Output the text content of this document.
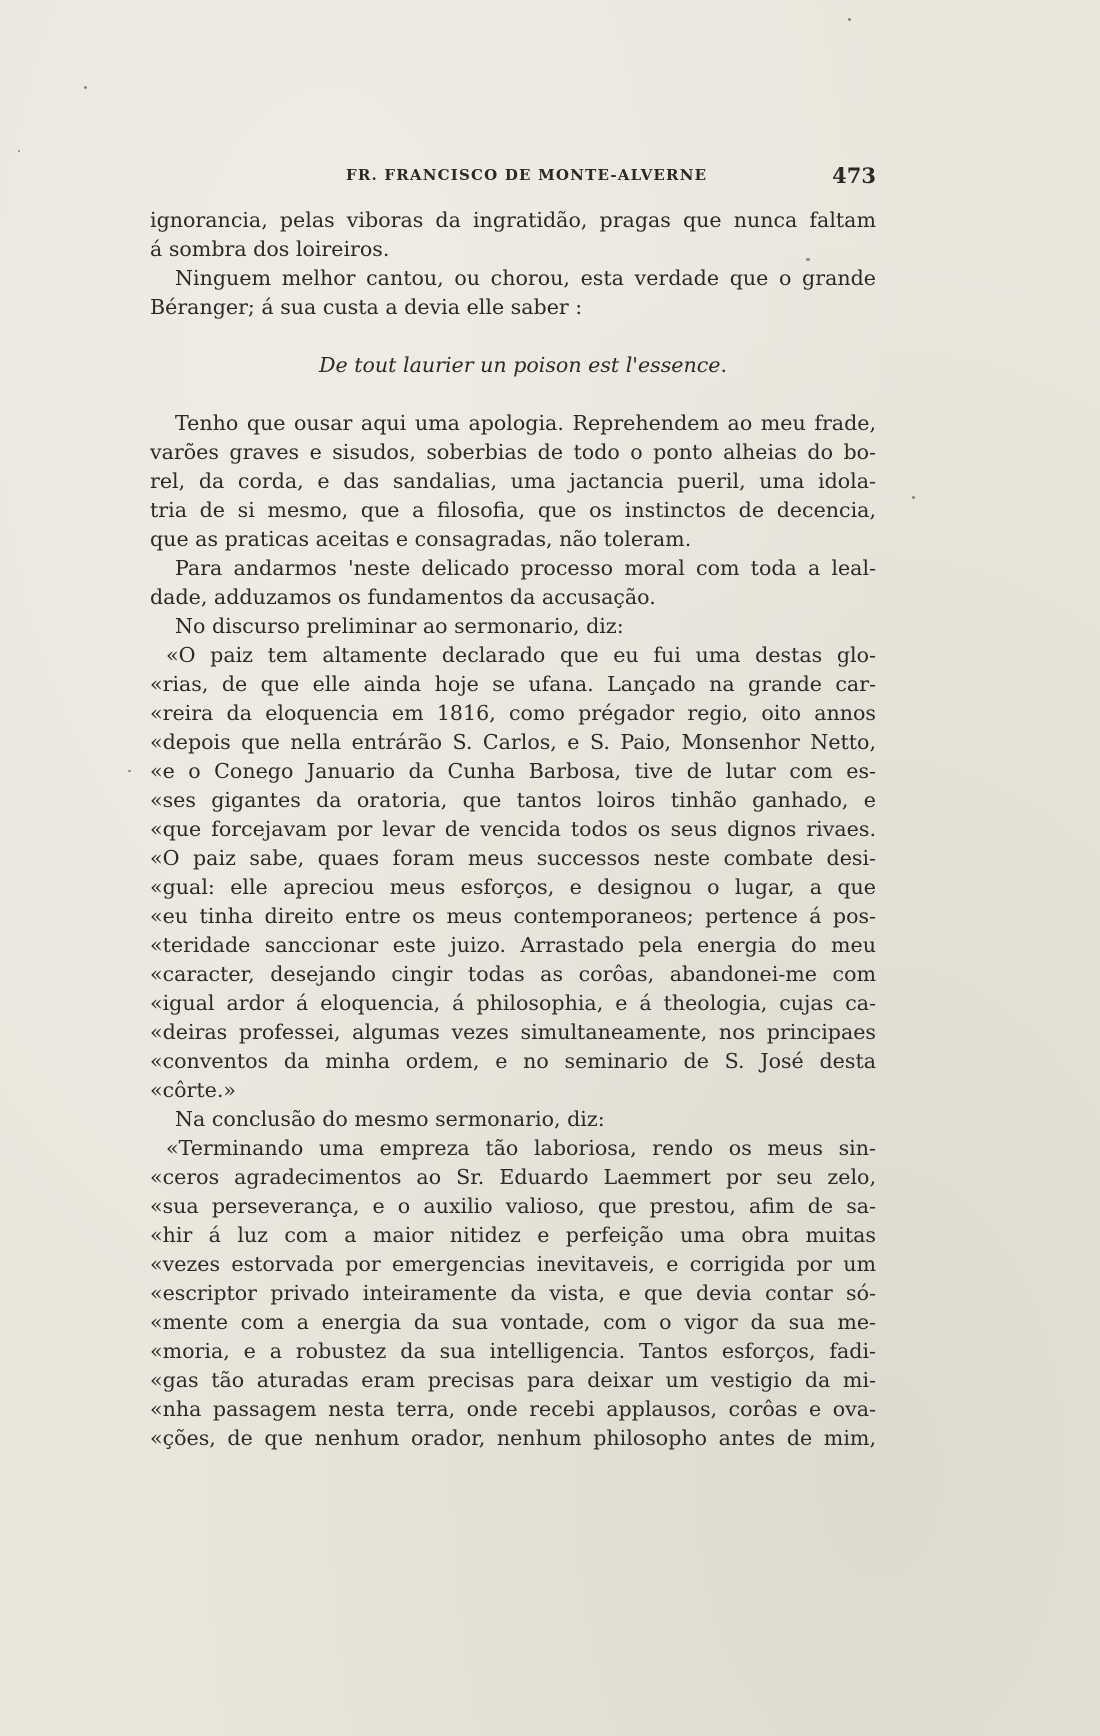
FR. FRANCISCO DE MONTE-ALVERNE	473
ignorancia, pelas viboras da ingratidão, pragas que nunca faltam
á sombra dos loireiros.
Ninguem melhor cantou, ou chorou, esta verdade que o grande
Béranger; á sua custa a devia elle saber :
De tout laurier un poison est l'essence.
Tenho que ousar aqui uma apologia. Reprehendem ao meu frade,
varões graves e sisudos, soberbias de todo o ponto alheias do bo-
rel, da corda, e das sandalias, uma jactancia pueril, uma idola-
tria de si mesmo, que a filosofia, que os instinctos de decencia,
que as praticas aceitas e consagradas, não toleram.
Para andarmos 'neste delicado processo moral com toda a leal-
dade, adduzamos os fundamentos da accusação.
No discurso preliminar ao sermonario, diz:
«O paiz tem altamente declarado que eu fui uma destas glo-
«rias, de que elle ainda hoje se ufana. Lançado na grande car-
«reira da eloquencia em 1816, como prégador regio, oito annos
«depois que nella entrárão S. Carlos, e S. Paio, Monsenhor Netto,
«e o Conego Januario da Cunha Barbosa, tive de lutar com es-
«ses gigantes da oratoria, que tantos loiros tinhão ganhado, e
«que forcejavam por levar de vencida todos os seus dignos rivaes.
«O paiz sabe, quaes foram meus successos neste combate desi-
«gual: elle apreciou meus esforços, e designou o lugar, a que
«eu tinha direito entre os meus contemporaneos; pertence á pos-
«teridade sanccionar este juizo. Arrastado pela energia do meu
«caracter, desejando cingir todas as corôas, abandonei-me com
«igual ardor á eloquencia, á philosophia, e á theologia, cujas ca-
«deiras professei, algumas vezes simultaneamente, nos principaes
«conventos da minha ordem, e no seminario de S. José desta
«côrte.»
Na conclusão do mesmo sermonario, diz:
«Terminando uma empreza tão laboriosa, rendo os meus sin-
«ceros agradecimentos ao Sr. Eduardo Laemmert por seu zelo,
«sua perseverança, e o auxilio valioso, que prestou, afim de sa-
«hir á luz com a maior nitidez e perfeição uma obra muitas
«vezes estorvada por emergencias inevitaveis, e corrigida por um
«escriptor privado inteiramente da vista, e que devia contar só-
«mente com a energia da sua vontade, com o vigor da sua me-
«moria, e a robustez da sua intelligencia. Tantos esforços, fadi-
«gas tão aturadas eram precisas para deixar um vestigio da mi-
«nha passagem nesta terra, onde recebi applausos, corôas e ova-
«ções, de que nenhum orador, nenhum philosopho antes de mim,
